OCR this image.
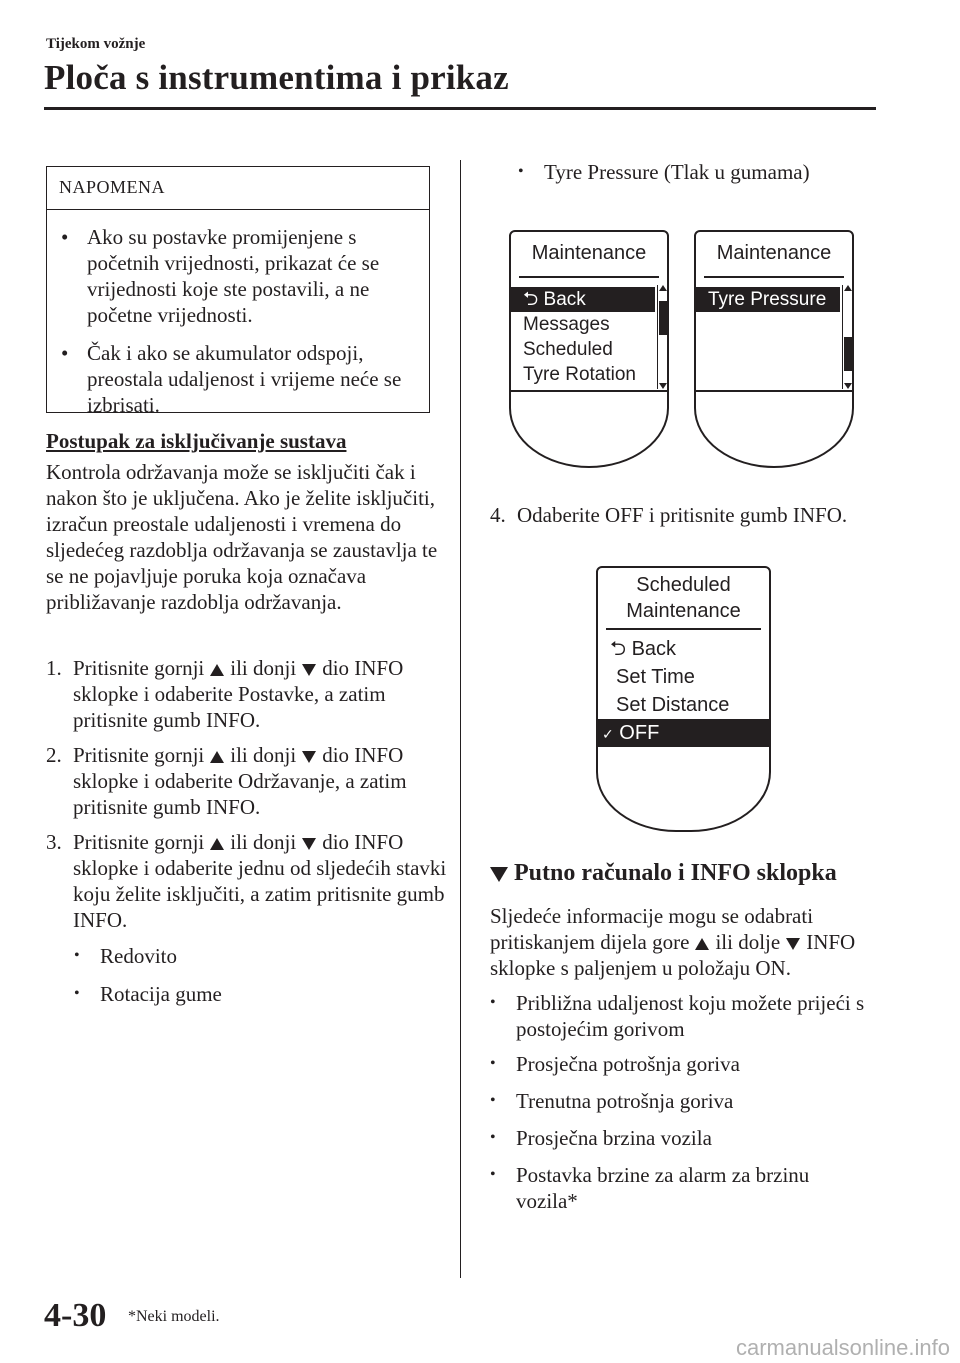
Tijekom vožnje
Ploča s instrumentima i prikaz
NAPOMENA
• Ako su postavke promijenjene s početnih vrijednosti, prikazat će se vrijednosti koje ste postavili, a ne početne vrijednosti.
• Čak i ako se akumulator odspoji, preostala udaljenost i vrijeme neće se izbrisati.
Postupak za isključivanje sustava
Kontrola održavanja može se isključiti čak i nakon što je uključena. Ako je želite isključiti, izračun preostale udaljenosti i vremena do sljedećeg razdoblja održavanja se zaustavlja te se ne pojavljuje poruka koja označava približavanje razdoblja održavanja.
1. Pritisnite gornji ili donji dio INFO sklopke i odaberite Postavke, a zatim pritisnite gumb INFO.
2. Pritisnite gornji ili donji dio INFO sklopke i odaberite Održavanje, a zatim pritisnite gumb INFO.
3. Pritisnite gornji ili donji dio INFO sklopke i odaberite jednu od sljedećih stavki koju želite isključiti, a zatim pritisnite gumb INFO.
• Redovito
• Rotacija gume
• Tyre Pressure (Tlak u gumama)
Maintenance
⮌ Back
Messages
Scheduled
Tyre Rotation
Maintenance
Tyre Pressure
4. Odaberite OFF i pritisnite gumb INFO.
Scheduled
Maintenance
⮌ Back
Set Time
Set Distance
✓ OFF
Putno računalo i INFO sklopka
Sljedeće informacije mogu se odabrati pritiskanjem dijela gore ili dolje INFO sklopke s paljenjem u položaju ON.
• Približna udaljenost koju možete prijeći s postojećim gorivom
• Prosječna potrošnja goriva
• Trenutna potrošnja goriva
• Prosječna brzina vozila
• Postavka brzine za alarm za brzinu vozila*
4-30 *Neki modeli.
carmanualsonline.info
